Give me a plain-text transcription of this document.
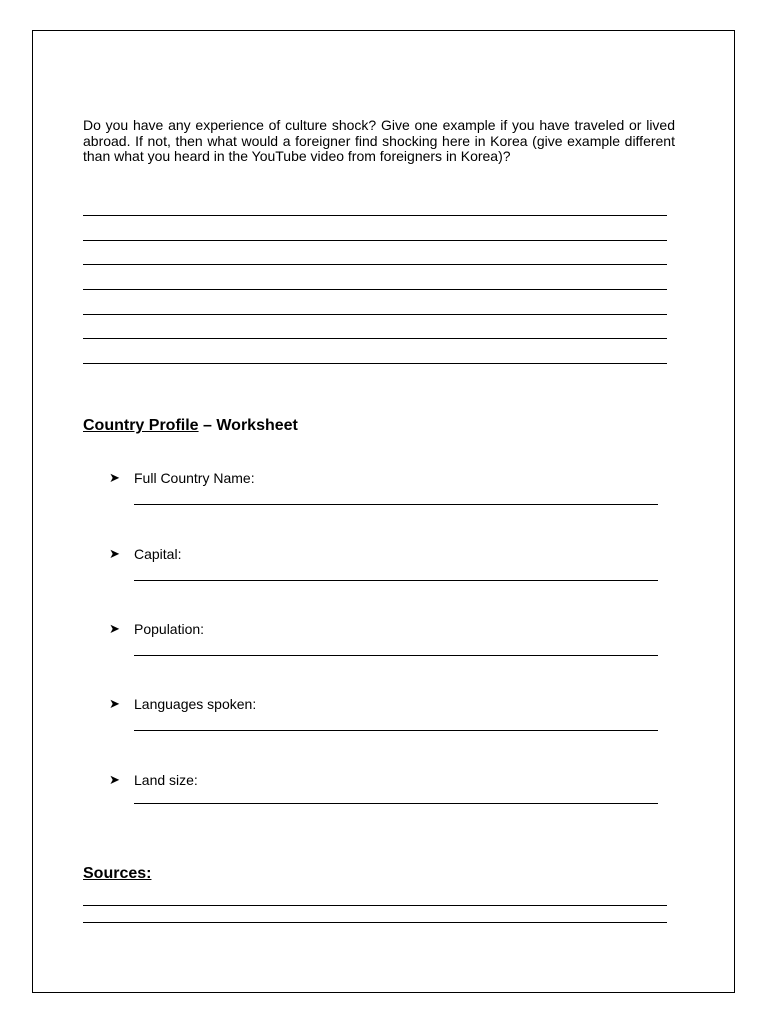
Do you have any experience of culture shock? Give one example if you have traveled or lived abroad. If not, then what would a foreigner find shocking here in Korea (give example different than what you heard in the YouTube video from foreigners in Korea)?

Country Profile – Worksheet
➤ Full Country Name:
➤ Capital:
➤ Population:
➤ Languages spoken:
➤ Land size:
Sources:
